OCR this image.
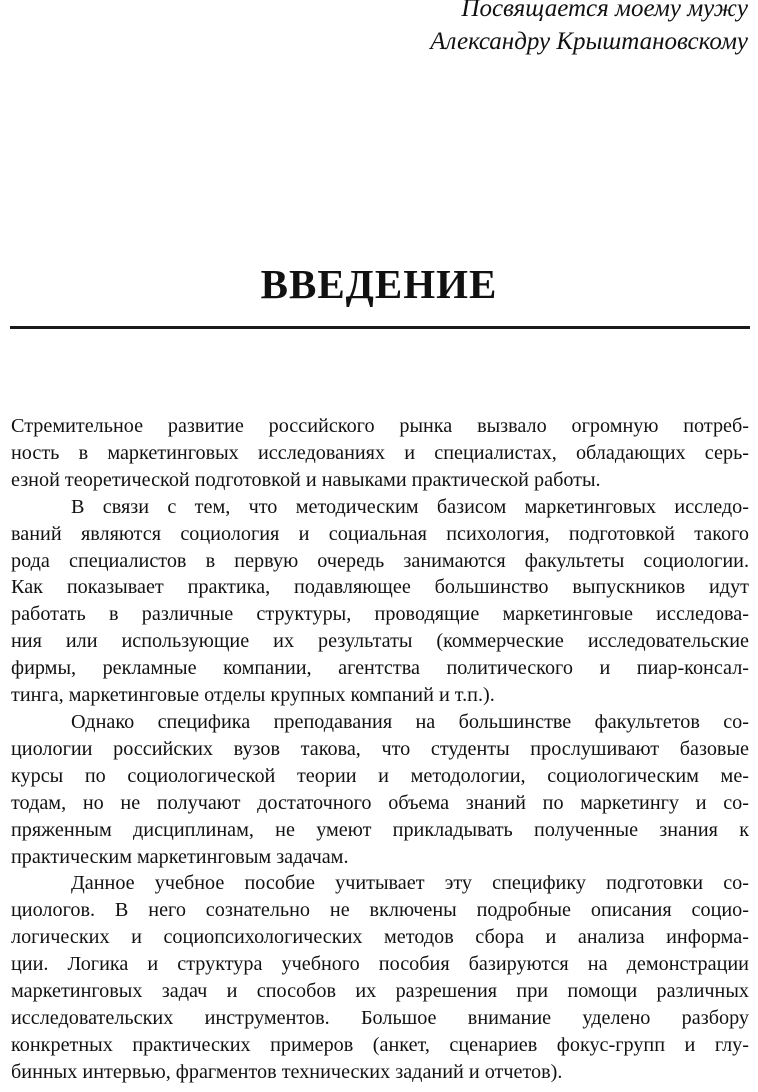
Посвящается моему мужу
Александру Крыштановскому
ВВЕДЕНИЕ

Стремительное развитие российского рынка вызвало огромную потреб-
ность в маркетинговых исследованиях и специалистах, обладающих серь-
езной теоретической подготовкой и навыками практической работы.

В связи с тем, что методическим базисом маркетинговых исследо-
ваний являются социология и социальная психология, подготовкой такого
рода специалистов в первую очередь занимаются факультеты социологии.
Как показывает практика, подавляющее большинство выпускников идут
работать в различные структуры, проводящие маркетинговые исследова-
ния или использующие их результаты (коммерческие исследовательские
фирмы, рекламные компании, агентства политического и пиар-консал-
тинга, маркетинговые отделы крупных компаний и т.п.).

Однако специфика преподавания на большинстве факультетов со-
циологии российских вузов такова, что студенты прослушивают базовые
курсы по социологической теории и методологии, социологическим ме-
тодам, но не получают достаточного объема знаний по маркетингу и со-
пряженным дисциплинам, не умеют прикладывать полученные знания к
практическим маркетинговым задачам.

Данное учебное пособие учитывает эту специфику подготовки со-
циологов. В него сознательно не включены подробные описания социо-
логических и социопсихологических методов сбора и анализа информа-
ции. Логика и структура учебного пособия базируются на демонстрации
маркетинговых задач и способов их разрешения при помощи различных
исследовательских инструментов. Большое внимание уделено разбору
конкретных практических примеров (анкет, сценариев фокус-групп и глу-
бинных интервью, фрагментов технических заданий и отчетов).
